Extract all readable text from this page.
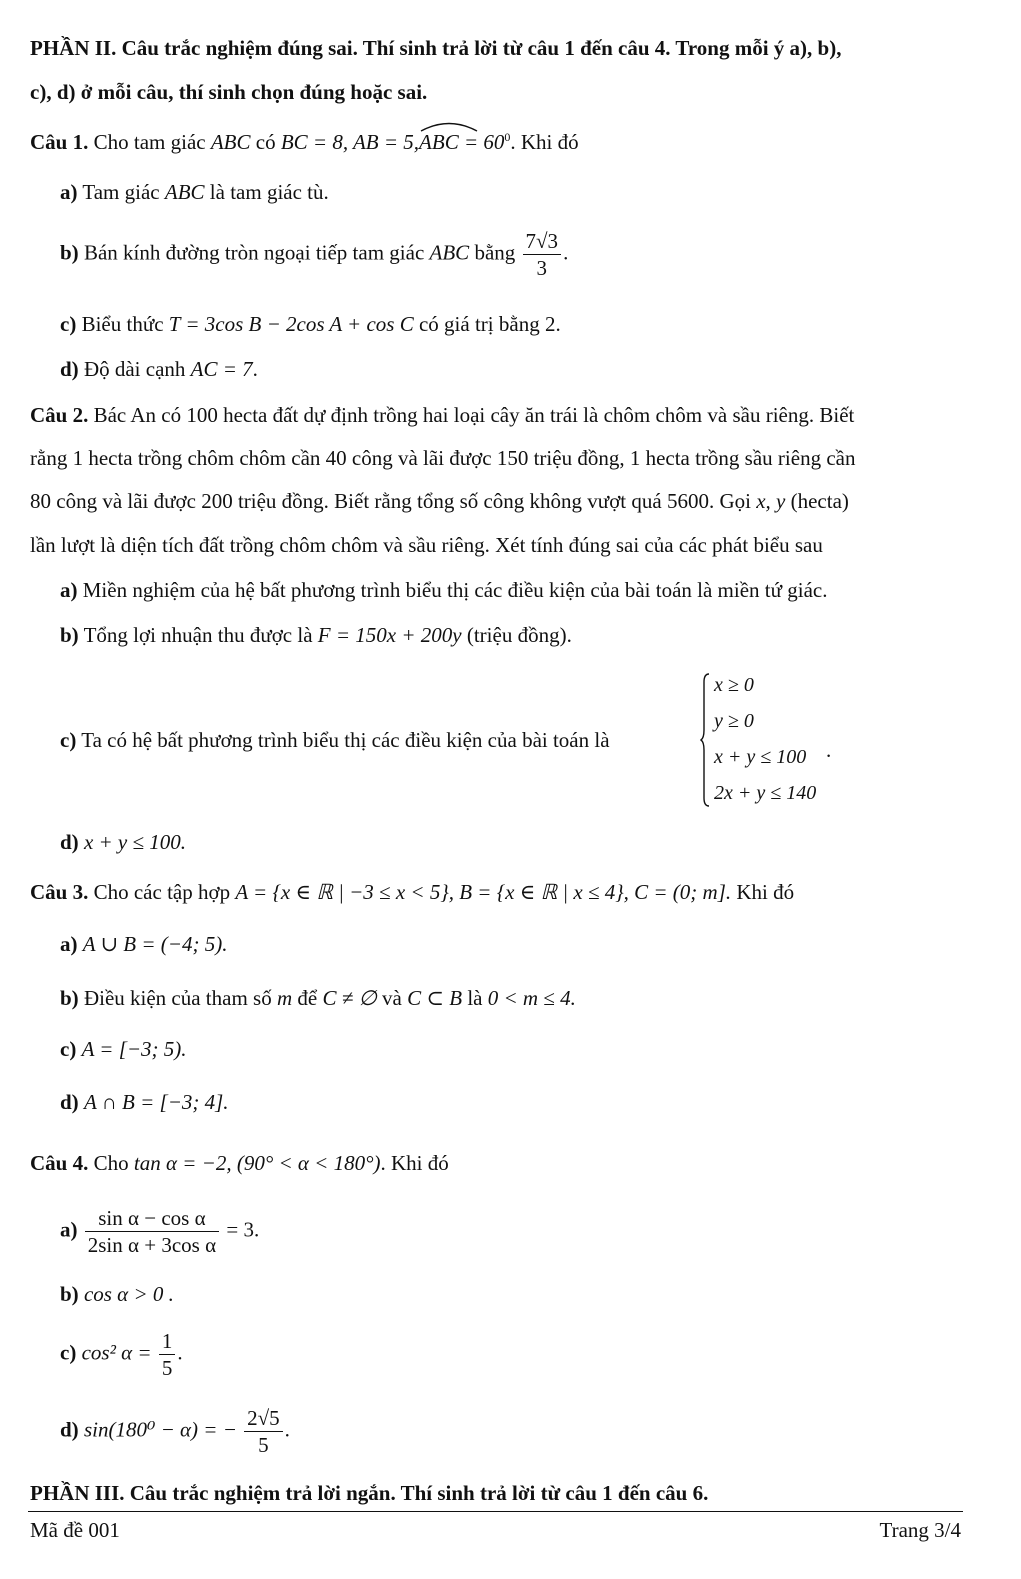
PHẦN II. Câu trắc nghiệm đúng sai. Thí sinh trả lời từ câu 1 đến câu 4. Trong mỗi ý a), b),
c), d) ở mỗi câu, thí sinh chọn đúng hoặc sai.
Câu 1. Cho tam giác ABC có BC = 8, AB = 5,
ABC = $60^0$. Khi đó
a) Tam giác ABC là tam giác tù.
b) Bán kính đường tròn ngoại tiếp tam giác ABC bằng $\frac{7√3}{3}$ .
c) Biểu thức T = 3cos B − 2cos A + cos C có giá trị bằng 2.
d) Độ dài cạnh AC = 7.
Câu 2. Bác An có 100 hecta đất dự định trồng hai loại cây ăn trái là chôm chôm và sầu riêng. Biết
rằng 1 hecta trồng chôm chôm cần 40 công và lãi được 150 triệu đồng, 1 hecta trồng sầu riêng cần
80 công và lãi được 200 triệu đồng. Biết rằng tổng số công không vượt quá 5600. Gọi x, y (hecta)
lần lượt là diện tích đất trồng chôm chôm và sầu riêng. Xét tính đúng sai của các phát biểu sau
a) Miền nghiệm của hệ bất phương trình biểu thị các điều kiện của bài toán là miền tứ giác.
b) Tổng lợi nhuận thu được là F = 150x + 200y (triệu đồng).
c) Ta có hệ bất phương trình biểu thị các điều kiện của bài toán là
x ≥ 0
y ≥ 0
x + y ≤ 100
2x + y ≤ 140
.
d) x + y ≤ 100.
Câu 3. Cho các tập hợp A = {x ∈ ℝ | −3 ≤ x < 5}, B = {x ∈ ℝ | x ≤ 4}, C = (0; m]. Khi đó
a) A ∪ B = (−4; 5).
b) Điều kiện của tham số m để C ≠ ∅ và C ⊂ B là 0 < m ≤ 4.
c) A = [−3; 5).
d) A ∩ B = [−3; 4].
Câu 4. Cho tan α = −2, (90° < α < 180°). Khi đó
$a) \frac{\text{sin α − cos α}}{\text{2sin α + 3cos α}} = 3$.
b) cos α > 0 .
c) cos² $\alpha = \frac{1}{5}$ .
d) sin(180⁰ − α) = − $\frac{2√5}{5}$ .
PHẦN III. Câu trắc nghiệm trả lời ngắn. Thí sinh trả lời từ câu 1 đến câu 6.
Mã đề 001	Trang 3/4
